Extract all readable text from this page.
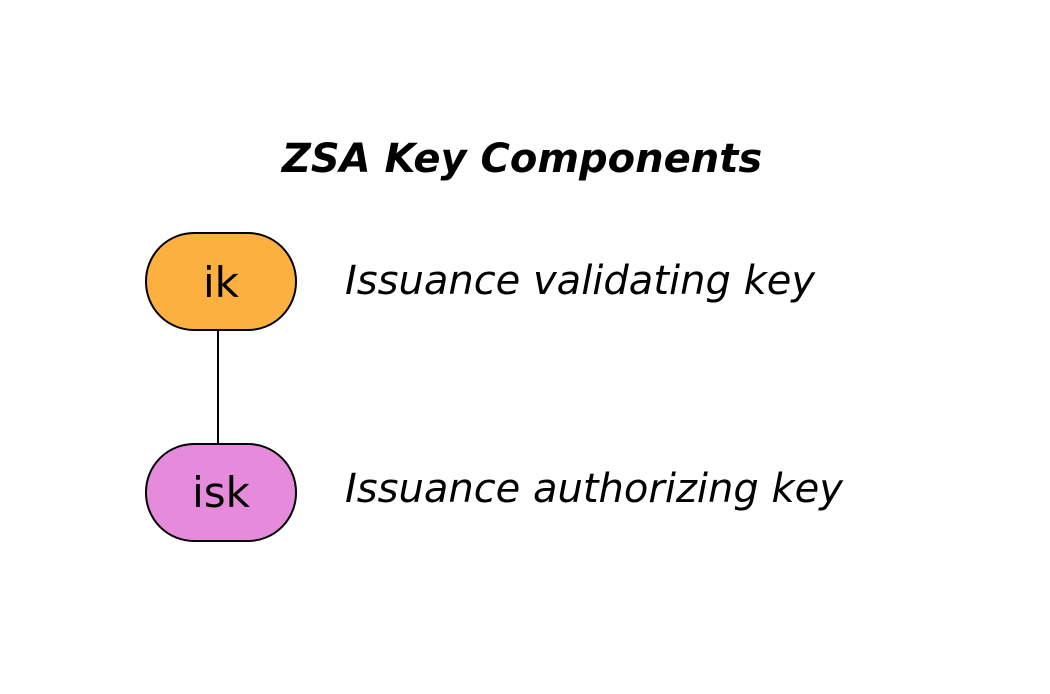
ZSA Key Components
ik	Issuance validating key
isk Issuance authorizing key
